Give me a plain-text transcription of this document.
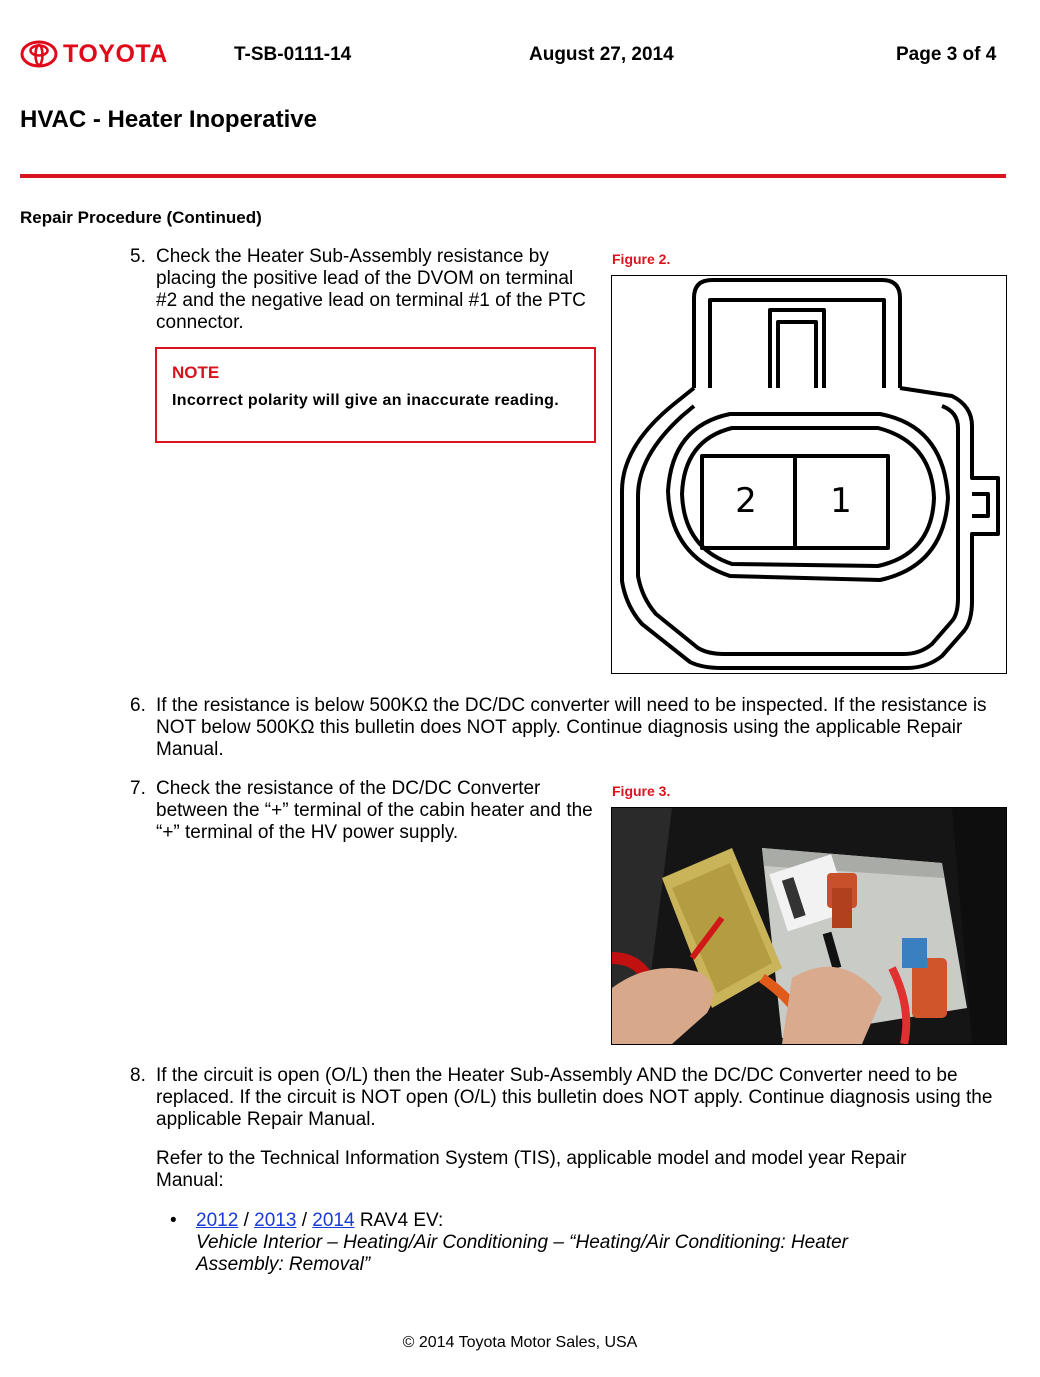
TOYOTA	T-SB-0111-14	August 27, 2014	Page 3 of 4
HVAC - Heater Inoperative
Repair Procedure (Continued)
5. Check the Heater Sub-Assembly resistance by placing the positive lead of the DVOM on terminal #2 and the negative lead on terminal #1 of the PTC connector.
NOTE
Incorrect polarity will give an inaccurate reading.
Figure 2.
2 1
6. If the resistance is below 500KΩ the DC/DC converter will need to be inspected. If the resistance is NOT below 500KΩ this bulletin does NOT apply. Continue diagnosis using the applicable Repair Manual.
7. Check the resistance of the DC/DC Converter between the “+” terminal of the cabin heater and the “+” terminal of the HV power supply.
Figure 3.
8. If the circuit is open (O/L) then the Heater Sub-Assembly AND the DC/DC Converter need to be replaced. If the circuit is NOT open (O/L) this bulletin does NOT apply. Continue diagnosis using the applicable Repair Manual.
Refer to the Technical Information System (TIS), applicable model and model year Repair Manual:
• 2012 / 2013 / 2014 RAV4 EV:
Vehicle Interior – Heating/Air Conditioning – “Heating/Air Conditioning: Heater Assembly: Removal”
© 2014 Toyota Motor Sales, USA
